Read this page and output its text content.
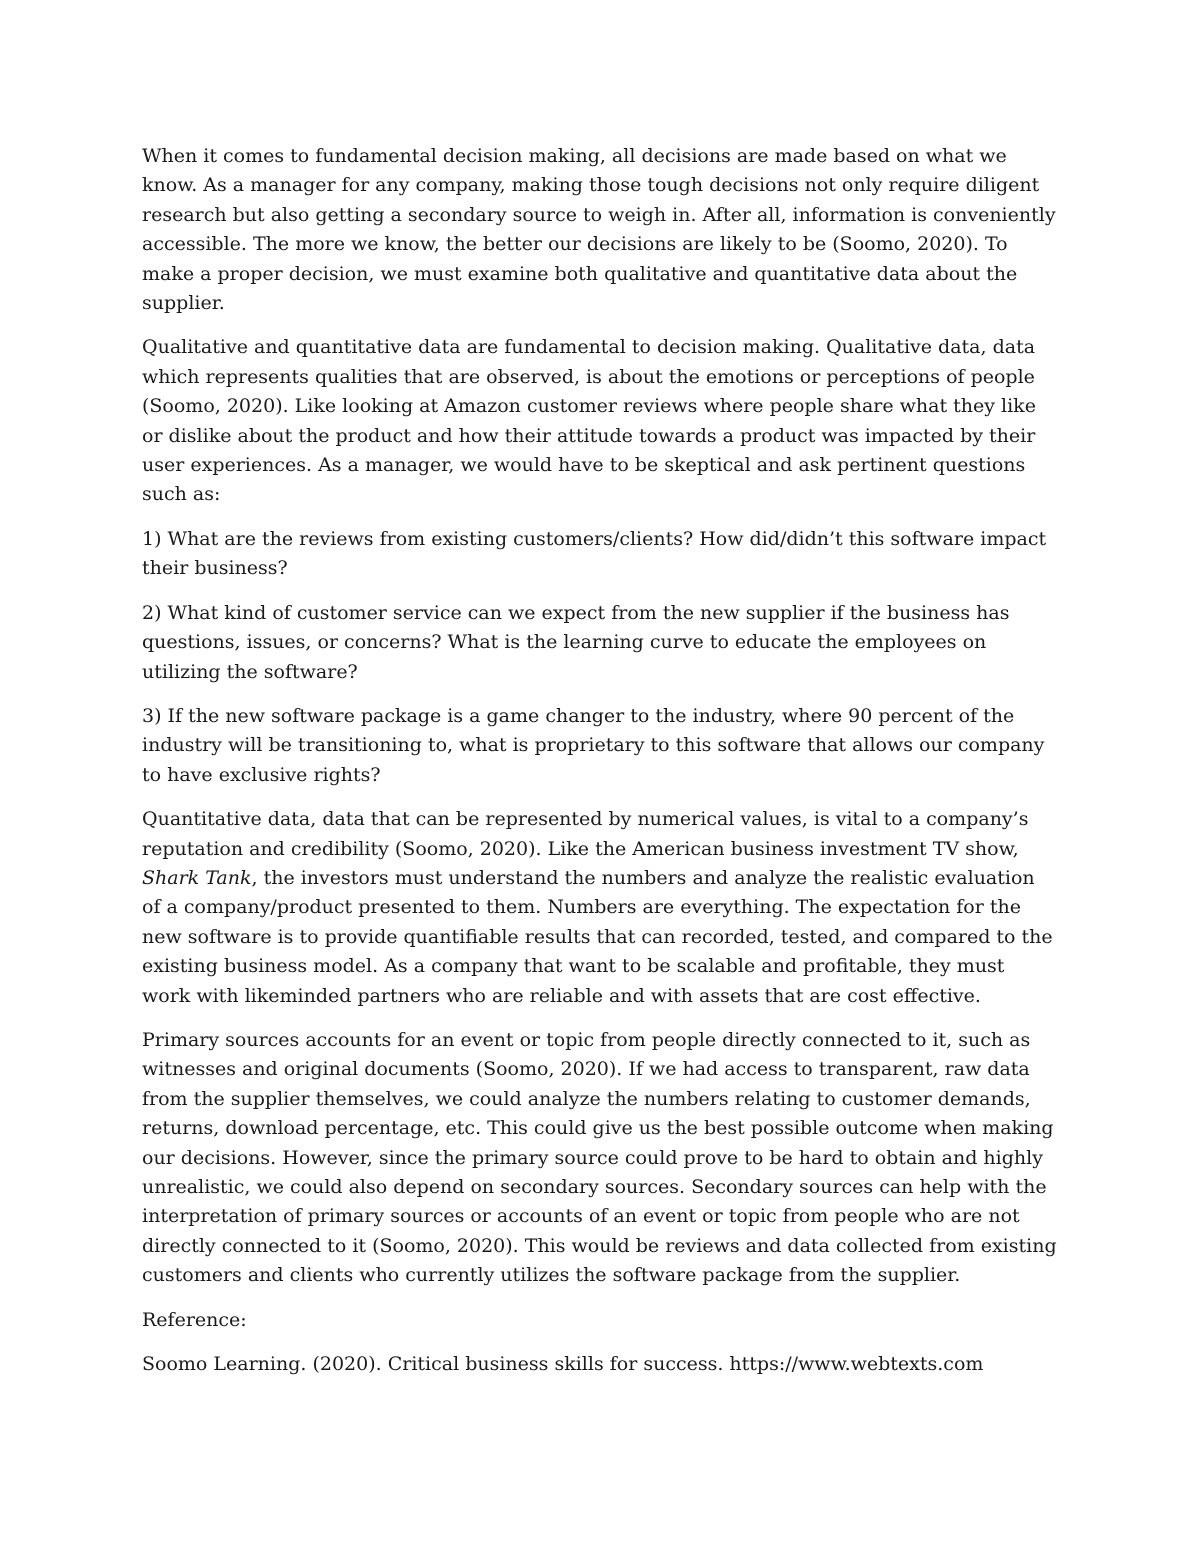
When it comes to fundamental decision making, all decisions are made based on what we know. As a manager for any company, making those tough decisions not only require diligent research but also getting a secondary source to weigh in. After all, information is conveniently accessible. The more we know, the better our decisions are likely to be (Soomo, 2020). To make a proper decision, we must examine both qualitative and quantitative data about the supplier.

Qualitative and quantitative data are fundamental to decision making. Qualitative data, data which represents qualities that are observed, is about the emotions or perceptions of people (Soomo, 2020). Like looking at Amazon customer reviews where people share what they like or dislike about the product and how their attitude towards a product was impacted by their user experiences. As a manager, we would have to be skeptical and ask pertinent questions such as:

1) What are the reviews from existing customers/clients? How did/didn’t this software impact their business?

2) What kind of customer service can we expect from the new supplier if the business has questions, issues, or concerns? What is the learning curve to educate the employees on utilizing the software?

3) If the new software package is a game changer to the industry, where 90 percent of the industry will be transitioning to, what is proprietary to this software that allows our company to have exclusive rights?

Quantitative data, data that can be represented by numerical values, is vital to a company’s reputation and credibility (Soomo, 2020). Like the American business investment TV show, Shark Tank, the investors must understand the numbers and analyze the realistic evaluation of a company/product presented to them. Numbers are everything. The expectation for the new software is to provide quantifiable results that can recorded, tested, and compared to the existing business model. As a company that want to be scalable and profitable, they must work with likeminded partners who are reliable and with assets that are cost effective.

Primary sources accounts for an event or topic from people directly connected to it, such as witnesses and original documents (Soomo, 2020). If we had access to transparent, raw data from the supplier themselves, we could analyze the numbers relating to customer demands, returns, download percentage, etc. This could give us the best possible outcome when making our decisions. However, since the primary source could prove to be hard to obtain and highly unrealistic, we could also depend on secondary sources. Secondary sources can help with the interpretation of primary sources or accounts of an event or topic from people who are not directly connected to it (Soomo, 2020). This would be reviews and data collected from existing customers and clients who currently utilizes the software package from the supplier.

Reference:

Soomo Learning. (2020). Critical business skills for success. https://www.webtexts.com
